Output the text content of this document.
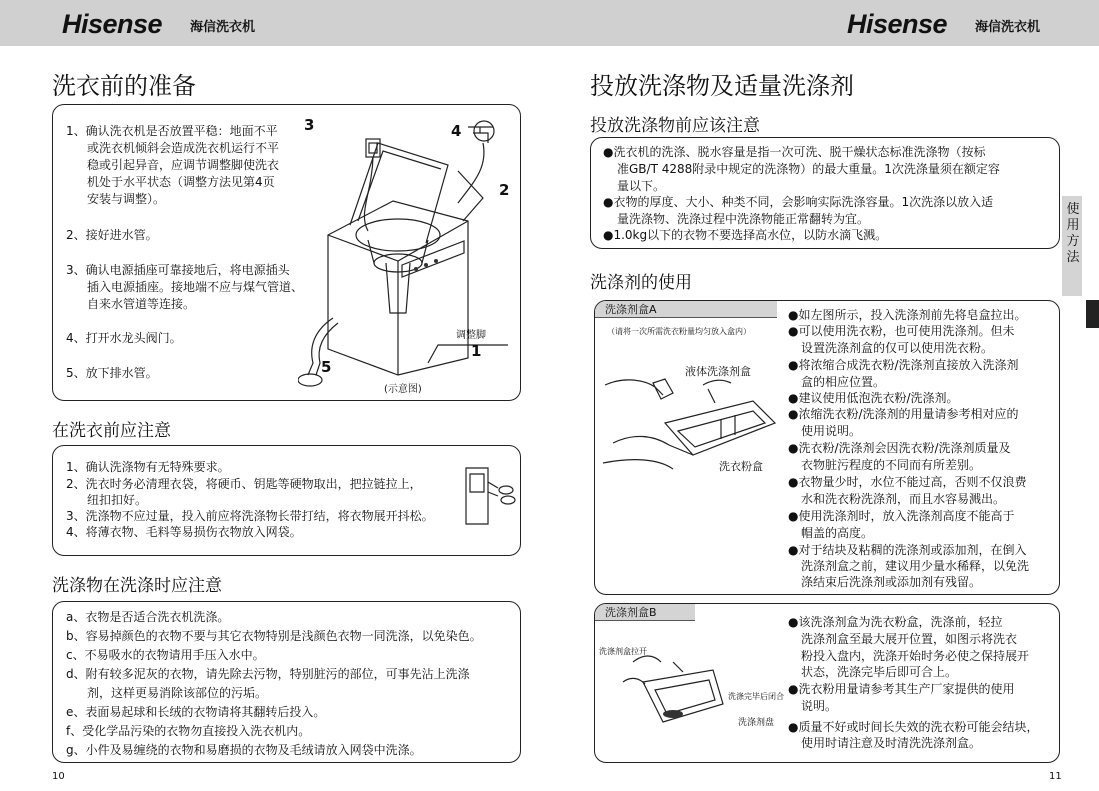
Hisense 海信洗衣机	Hisense 海信洗衣机
洗衣前的准备
1、确认洗衣机是否放置平稳：地面不平
或洗衣机倾斜会造成洗衣机运行不平
稳或引起异音，应调节调整脚使洗衣
机处于水平状态（调整方法见第4页
安装与调整）。
2、接好进水管。
3、确认电源插座可靠接地后，将电源插头
插入电源插座。接地端不应与煤气管道、
自来水管道等连接。
4、打开水龙头阀门。
5、放下排水管。
3	4
2
5
1
调整脚
(示意图)
在洗衣前应注意
1、确认洗涤物有无特殊要求。
2、洗衣时务必清理衣袋，将硬币、钥匙等硬物取出，把拉链拉上，
纽扣扣好。
3、洗涤物不应过量，投入前应将洗涤物长带打结，将衣物展开抖松。
4、将薄衣物、毛料等易损伤衣物放入网袋。
洗涤物在洗涤时应注意
a、衣物是否适合洗衣机洗涤。
b、容易掉颜色的衣物不要与其它衣物特别是浅颜色衣物一同洗涤，以免染色。
c、不易吸水的衣物请用手压入水中。
d、附有较多泥灰的衣物，请先除去污物，特别脏污的部位，可事先沾上洗涤
剂，这样更易消除该部位的污垢。
e、表面易起球和长绒的衣物请将其翻转后投入。
f、受化学品污染的衣物勿直接投入洗衣机内。
g、小件及易缠绕的衣物和易磨损的衣物及毛绒请放入网袋中洗涤。
10
投放洗涤物及适量洗涤剂
投放洗涤物前应该注意
●洗衣机的洗涤、脱水容量是指一次可洗、脱干燥状态标准洗涤物（按标
准GB/T 4288附录中规定的洗涤物）的最大重量。1次洗涤量须在额定容
量以下。
●衣物的厚度、大小、种类不同，会影响实际洗涤容量。1次洗涤以放入适
量洗涤物、洗涤过程中洗涤物能正常翻转为宜。
●1.0kg以下的衣物不要选择高水位，以防水滴飞溅。
洗涤剂的使用
洗涤剂盒A
（请将一次所需洗衣粉量均匀放入盒内）
液体洗涤剂盒
洗衣粉盒
●如左图所示，投入洗涤剂前先将皂盒拉出。
●可以使用洗衣粉，也可使用洗涤剂。但未
设置洗涤剂盒的仅可以使用洗衣粉。
●将浓缩合成洗衣粉/洗涤剂直接放入洗涤剂
盒的相应位置。
●建议使用低泡洗衣粉/洗涤剂。
●浓缩洗衣粉/洗涤剂的用量请参考相对应的
使用说明。
●洗衣粉/洗涤剂会因洗衣粉/洗涤剂质量及
衣物脏污程度的不同而有所差别。
●衣物量少时，水位不能过高，否则不仅浪费
水和洗衣粉洗涤剂，而且水容易溅出。
●使用洗涤剂时，放入洗涤剂高度不能高于
帽盖的高度。
●对于结块及粘稠的洗涤剂或添加剂，在倒入
洗涤剂盒之前，建议用少量水稀释，以免洗
涤结束后洗涤剂或添加剂有残留。
洗涤剂盒B
洗涤剂盒拉开
洗涤完毕后闭合
洗涤剂盘
●该洗涤剂盒为洗衣粉盒，洗涤前，轻拉
洗涤剂盒至最大展开位置，如图示将洗衣
粉投入盘内，洗涤开始时务必使之保持展开
状态，洗涤完毕后即可合上。
●洗衣粉用量请参考其生产厂家提供的使用
说明。
●质量不好或时间长失效的洗衣粉可能会结块，
使用时请注意及时清洗洗涤剂盒。
使用方法
11
